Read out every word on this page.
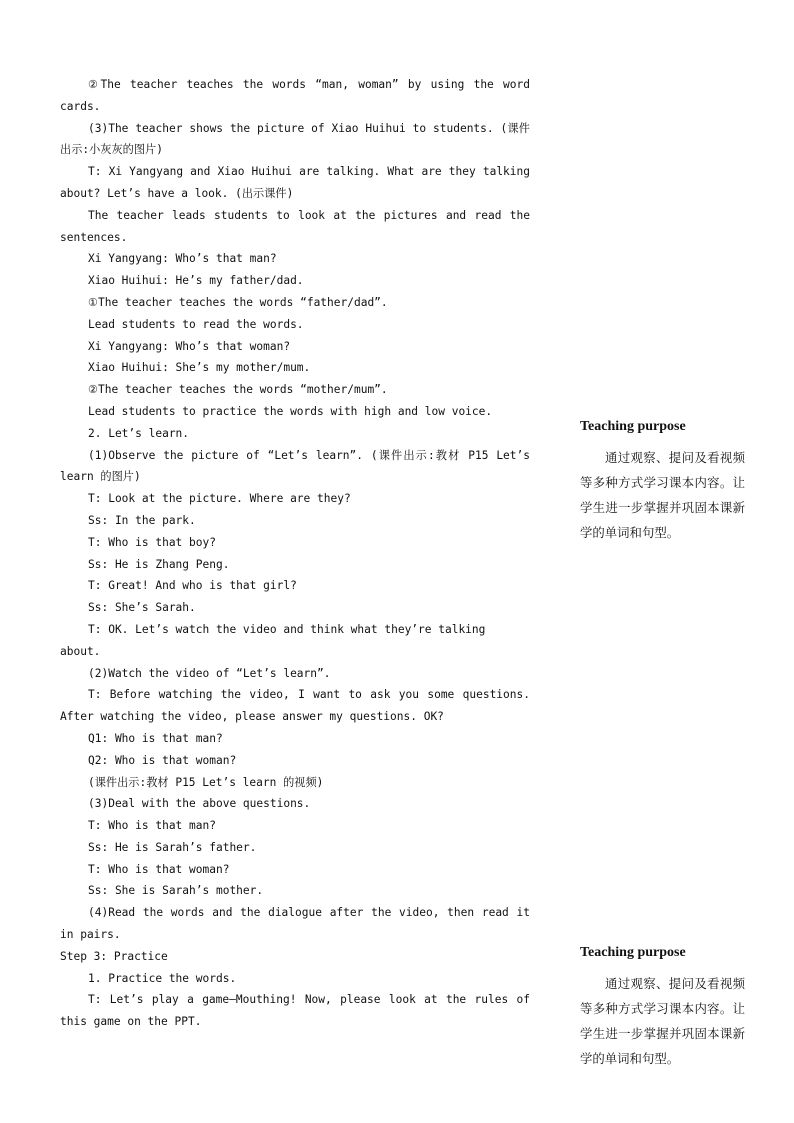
②The teacher teaches the words “man, woman” by using the word cards.

(3)The teacher shows the picture of Xiao Huihui to students. (课件出示:小灰灰的图片)

T: Xi Yangyang and Xiao Huihui are talking. What are they talking about? Let’s have a look. (出示课件)

The teacher leads students to look at the pictures and read the sentences.

Xi Yangyang: Who’s that man?

Xiao Huihui: He’s my father/dad.

①The teacher teaches the words “father/dad”.

Lead students to read the words.

Xi Yangyang: Who’s that woman?

Xiao Huihui: She’s my mother/mum.

②The teacher teaches the words “mother/mum”.

Lead students to practice the words with high and low voice.

2. Let’s learn.

(1)Observe the picture of “Let’s learn”. (课件出示:教材 P15 Let’s learn 的图片)

T: Look at the picture. Where are they?

Ss: In the park.

T: Who is that boy?

Ss: He is Zhang Peng.

T: Great! And who is that girl?

Ss: She’s Sarah.

T: OK. Let’s watch the video and think what they’re talking about.

(2)Watch the video of “Let’s learn”.

T: Before watching the video, I want to ask you some questions. After watching the video, please answer my questions. OK?

Q1: Who is that man?

Q2: Who is that woman?

(课件出示:教材 P15 Let’s learn 的视频)

(3)Deal with the above questions.

T: Who is that man?

Ss: He is Sarah’s father.

T: Who is that woman?

Ss: She is Sarah’s mother.

(4)Read the words and the dialogue after the video, then read it in pairs.

Step 3: Practice

1. Practice the words.

T: Let’s play a game—Mouthing! Now, please look at the rules of this game on the PPT.

Teaching purpose

通过观察、提问及看视频等多种方式学习课本内容。让学生进一步掌握并巩固本课新学的单词和句型。

Teaching purpose

通过观察、提问及看视频等多种方式学习课本内容。让学生进一步掌握并巩固本课新学的单词和句型。
